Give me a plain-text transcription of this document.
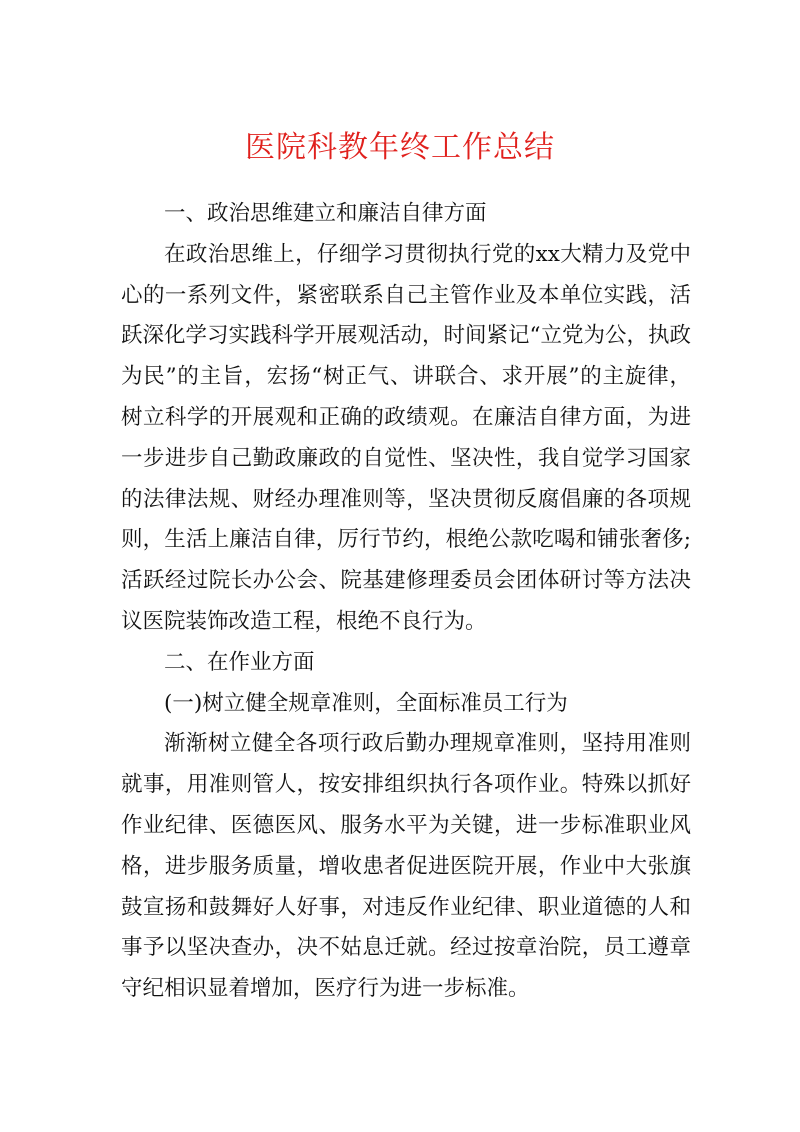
医院科教年终工作总结

一、政治思维建立和廉洁自律方面

在政治思维上，仔细学习贯彻执行党的xx大精力及党中心的一系列文件，紧密联系自己主管作业及本单位实践，活跃深化学习实践科学开展观活动，时间紧记“立党为公，执政为民”的主旨，宏扬“树正气、讲联合、求开展”的主旋律，树立科学的开展观和正确的政绩观。在廉洁自律方面，为进一步进步自己勤政廉政的自觉性、坚决性，我自觉学习国家的法律法规、财经办理准则等，坚决贯彻反腐倡廉的各项规则，生活上廉洁自律，厉行节约，根绝公款吃喝和铺张奢侈;活跃经过院长办公会、院基建修理委员会团体研讨等方法决议医院装饰改造工程，根绝不良行为。

二、在作业方面

(一)树立健全规章准则，全面标准员工行为

渐渐树立健全各项行政后勤办理规章准则，坚持用准则就事，用准则管人，按安排组织执行各项作业。特殊以抓好作业纪律、医德医风、服务水平为关键，进一步标准职业风格，进步服务质量，增收患者促进医院开展，作业中大张旗鼓宣扬和鼓舞好人好事，对违反作业纪律、职业道德的人和事予以坚决查办，决不姑息迁就。经过按章治院，员工遵章守纪相识显着增加，医疗行为进一步标准。
